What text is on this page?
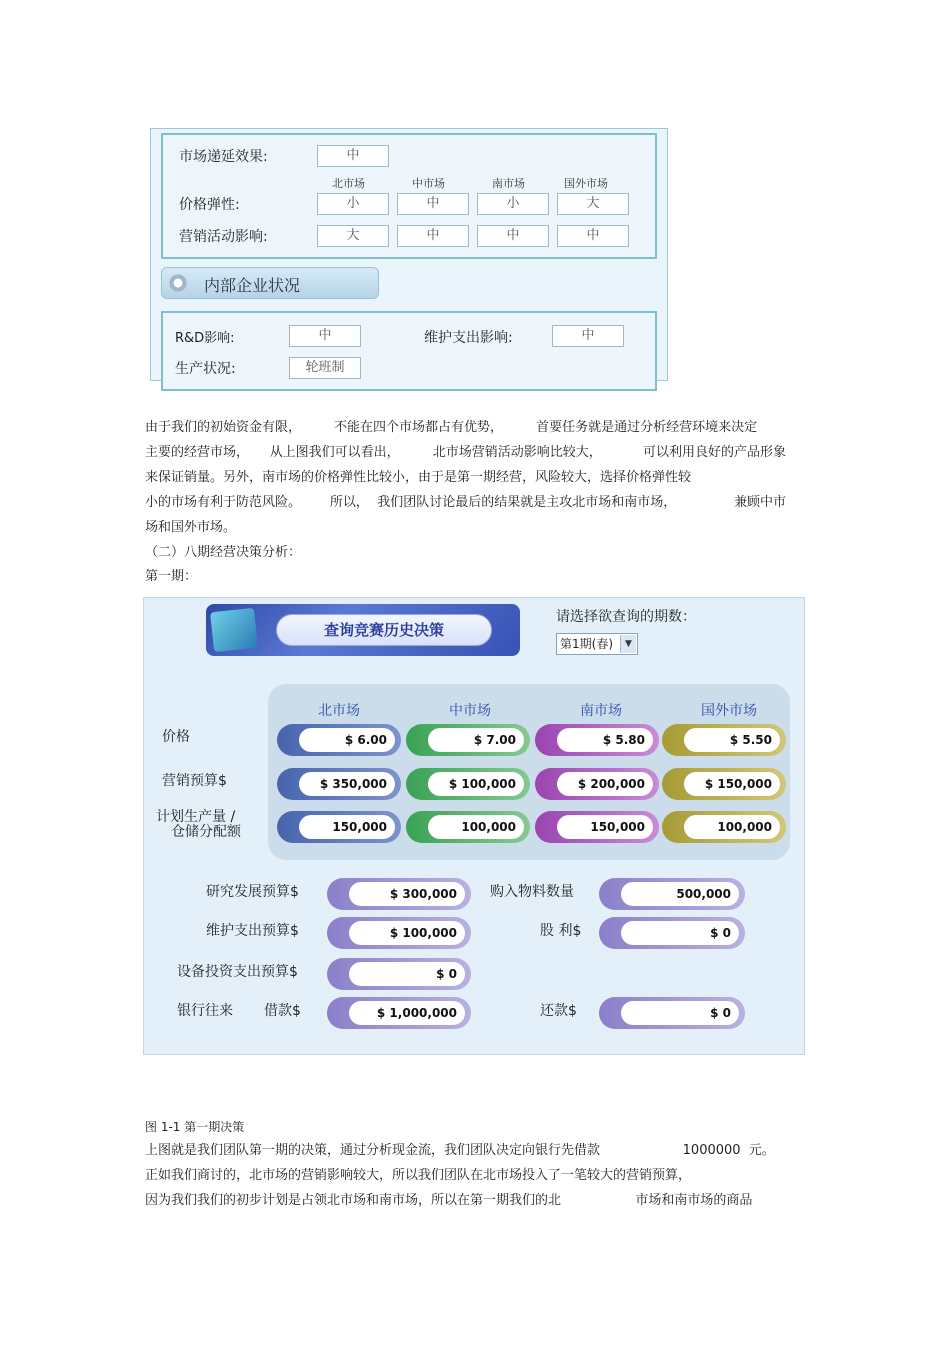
市场递延效果:	中
北市场	中市场	南市场	国外市场
价格弹性:	小	中	小	大
营销活动影响:	大	中	中	中
内部企业状况
R&D影响:	中	维护支出影响:	中
生产状况:	轮班制
由于我们的初始资金有限，        不能在四个市场都占有优势，        首要任务就是通过分析经营环境来决定
主要的经营市场，     从上图我们可以看出，        北市场营销活动影响比较大，          可以利用良好的产品形象
来保证销量。另外，南市场的价格弹性比较小，由于是第一期经营，风险较大，选择价格弹性较
小的市场有利于防范风险。       所以，  我们团队讨论最后的结果就是主攻北市场和南市场，              兼顾中市
场和国外市场。
（二）八期经营决策分析：
第一期：
查询竞赛历史决策
请选择欲查询的期数：
第1期(春)	▼
北市场	中市场	南市场	国外市场
价格	$ 6.00	$ 7.00	$ 5.80	$ 5.50
营销预算$	$ 350,000	$ 100,000	$ 200,000	$ 150,000
计划生产量 /
仓储分配额	150,000	100,000	150,000	100,000
研究发展预算$	$ 300,000	购入物料数量	500,000
维护支出预算$	$ 100,000	股 利$	$ 0
设备投资支出预算$	$ 0
银行往来 借款$	$ 1,000,000	还款$	$ 0
图 1-1 第一期决策
上图就是我们团队第一期的决策，通过分析现金流，我们团队决定向银行先借款                    1000000  元。
正如我们商讨的，北市场的营销影响较大，所以我们团队在北市场投入了一笔较大的营销预算，
因为我们我们的初步计划是占领北市场和南市场，所以在第一期我们的北                  市场和南市场的商品
